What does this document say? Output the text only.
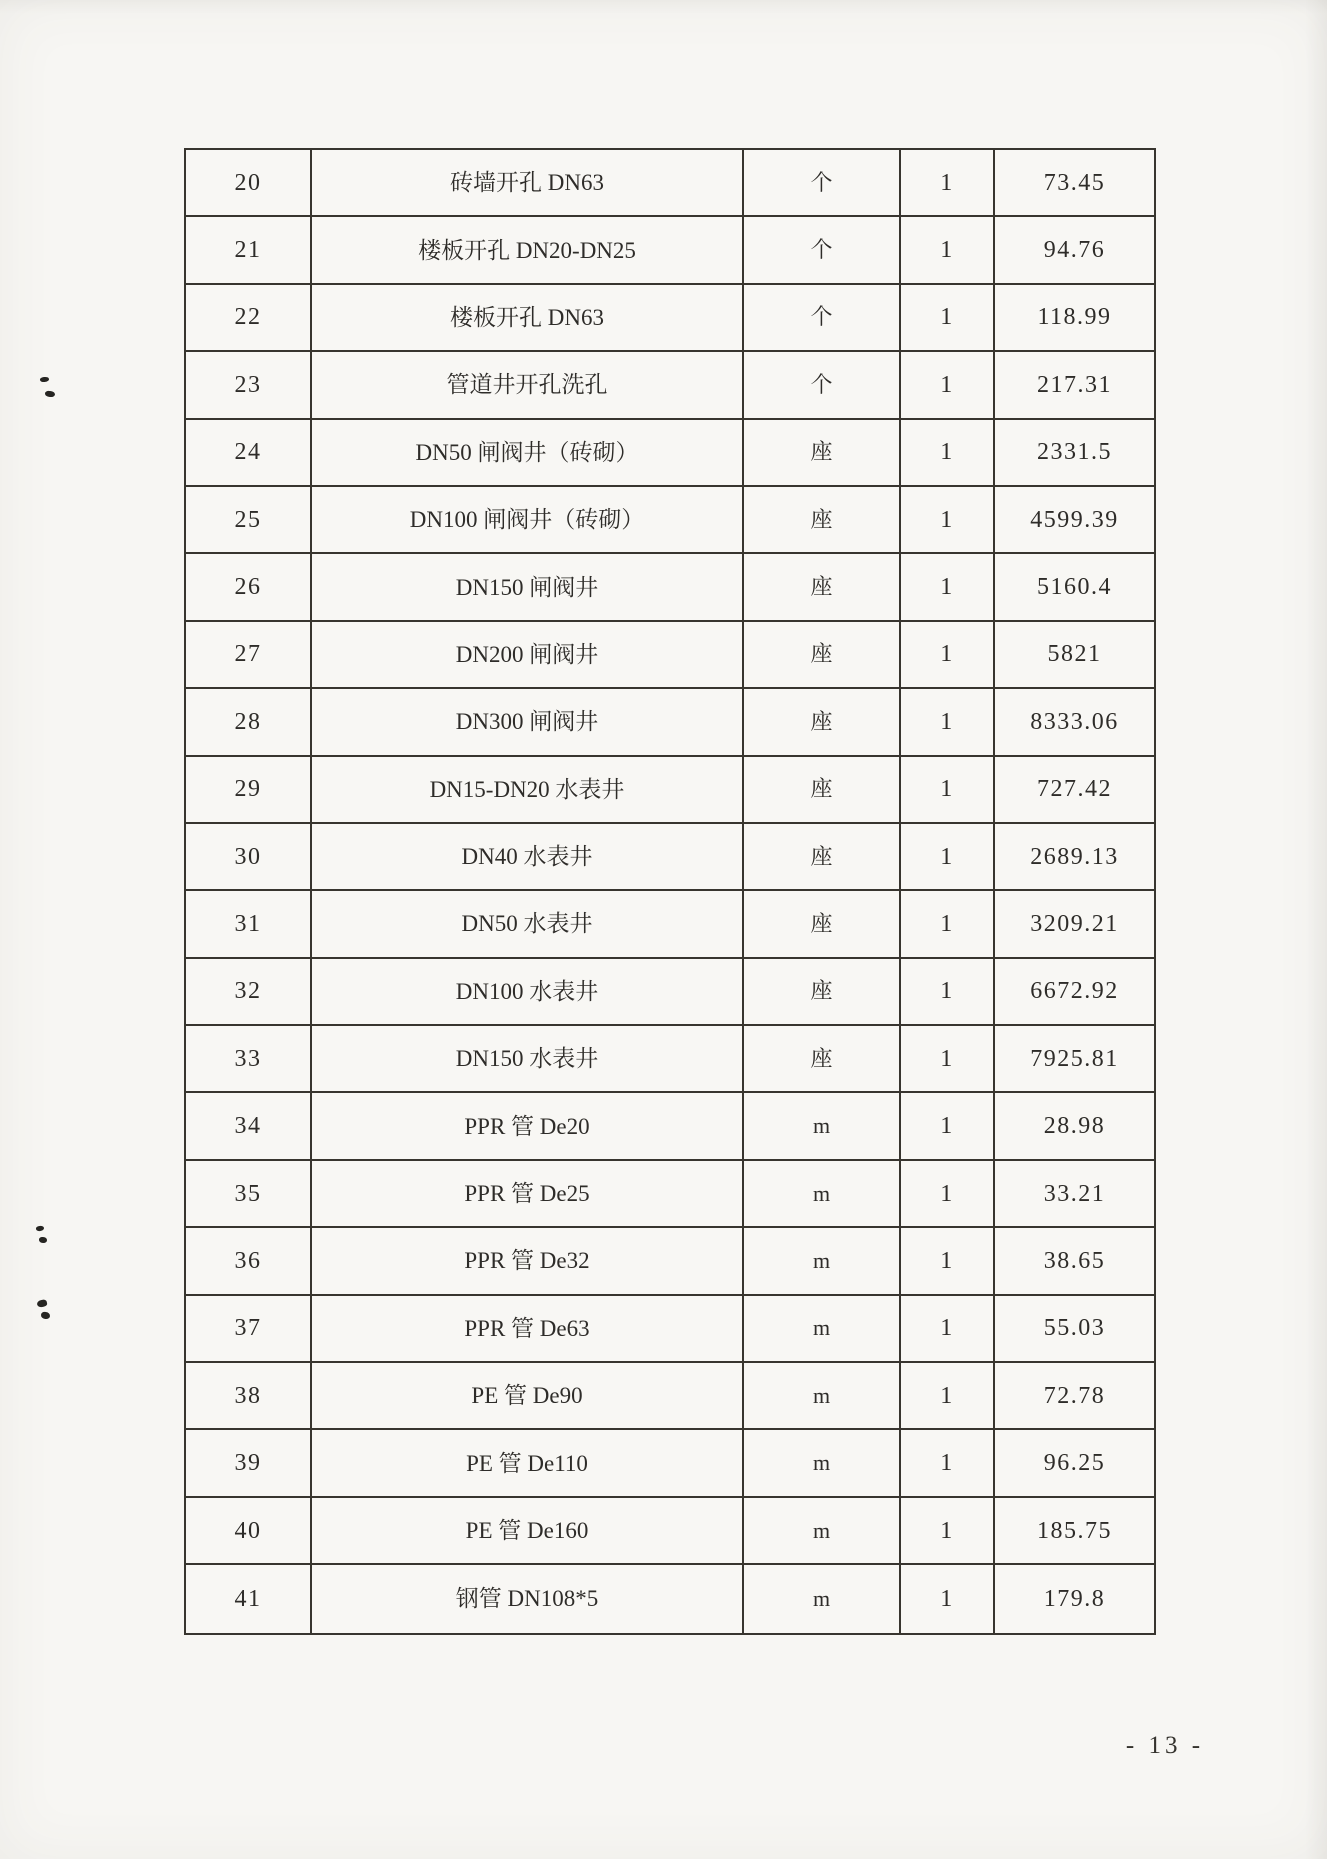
20	砖墙开孔 DN63	个	1	73.45
21	楼板开孔 DN20-DN25	个	1	94.76
22	楼板开孔 DN63	个	1	118.99
23	管道井开孔洗孔	个	1	217.31
24	DN50 闸阀井（砖砌）	座	1	2331.5
25	DN100 闸阀井（砖砌）	座	1	4599.39
26	DN150 闸阀井	座	1	5160.4
27	DN200 闸阀井	座	1	5821
28	DN300 闸阀井	座	1	8333.06
29	DN15-DN20 水表井	座	1	727.42
30	DN40 水表井	座	1	2689.13
31	DN50 水表井	座	1	3209.21
32	DN100 水表井	座	1	6672.92
33	DN150 水表井	座	1	7925.81
34	PPR 管 De20	m	1	28.98
35	PPR 管 De25	m	1	33.21
36	PPR 管 De32	m	1	38.65
37	PPR 管 De63	m	1	55.03
38	PE 管 De90	m	1	72.78
39	PE 管 De110	m	1	96.25
40	PE 管 De160	m	1	185.75
41	钢管 DN108*5	m	1	179.8
- 13 -
